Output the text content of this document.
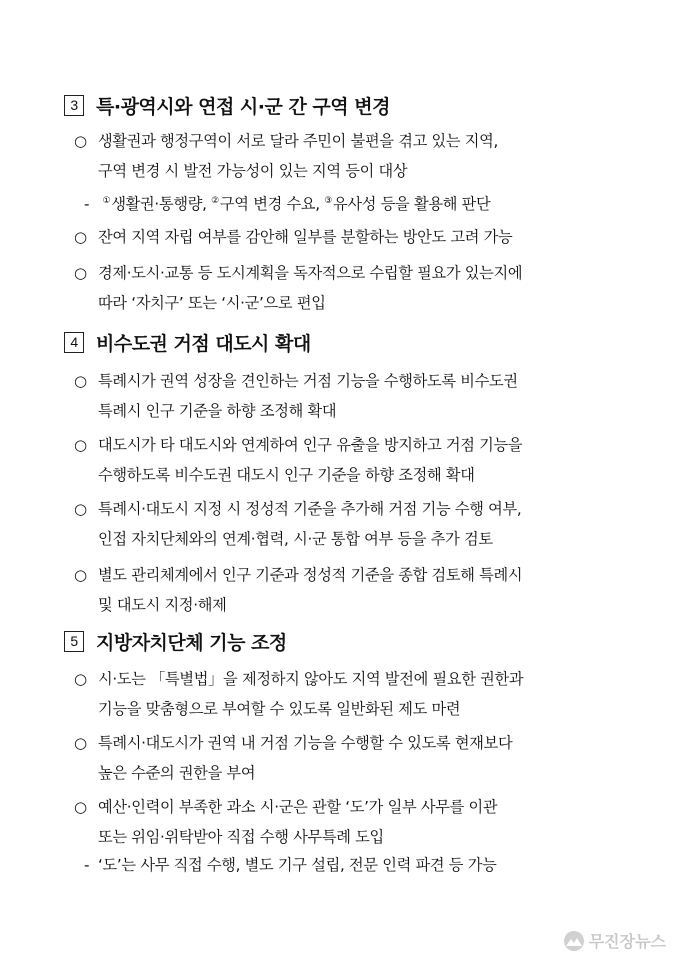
3 특·광역시와 연접 시·군 간 구역 변경
○ 생활권과 행정구역이 서로 달라 주민이 불편을 겪고 있는 지역,
구역 변경 시 발전 가능성이 있는 지역 등이 대상
- ①생활권·통행량, ②구역 변경 수요, ③유사성 등을 활용해 판단
○ 잔여 지역 자립 여부를 감안해 일부를 분할하는 방안도 고려 가능
○ 경제·도시·교통 등 도시계획을 독자적으로 수립할 필요가 있는지에
따라 ‘자치구’ 또는 ‘시·군’으로 편입
4 비수도권 거점 대도시 확대
○ 특례시가 권역 성장을 견인하는 거점 기능을 수행하도록 비수도권
특례시 인구 기준을 하향 조정해 확대
○ 대도시가 타 대도시와 연계하여 인구 유출을 방지하고 거점 기능을
수행하도록 비수도권 대도시 인구 기준을 하향 조정해 확대
○ 특례시·대도시 지정 시 정성적 기준을 추가해 거점 기능 수행 여부,
인접 자치단체와의 연계·협력, 시·군 통합 여부 등을 추가 검토
○ 별도 관리체계에서 인구 기준과 정성적 기준을 종합 검토해 특례시
및 대도시 지정·해제
5 지방자치단체 기능 조정
○ 시·도는 「특별법」을 제정하지 않아도 지역 발전에 필요한 권한과
기능을 맞춤형으로 부여할 수 있도록 일반화된 제도 마련
○ 특례시·대도시가 권역 내 거점 기능을 수행할 수 있도록 현재보다
높은 수준의 권한을 부여
○ 예산·인력이 부족한 과소 시·군은 관할 ‘도’가 일부 사무를 이관
또는 위임·위탁받아 직접 수행 사무특례 도입
- ‘도’는 사무 직접 수행, 별도 기구 설립, 전문 인력 파견 등 가능
무진장뉴스
